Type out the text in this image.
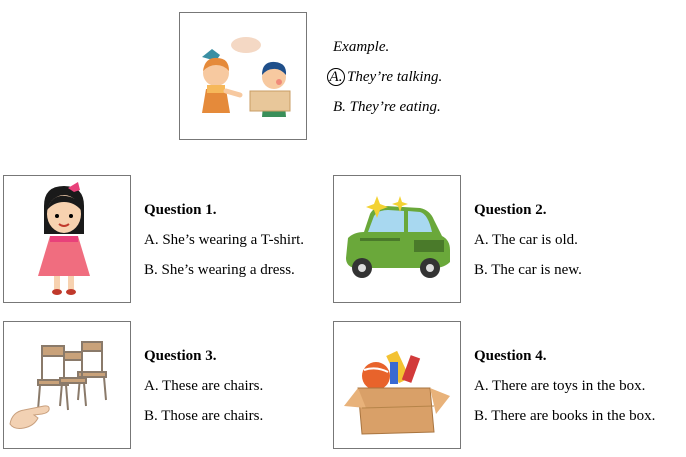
Example.
A. They’re talking.
B. They’re eating.
Question 1.
A. She’s wearing a T-shirt.
B. She’s wearing a dress.
Question 2.
A. The car is old.
B. The car is new.
Question 3.
A. These are chairs.
B. Those are chairs.
Question 4.
A. There are toys in the box.
B. There are books in the box.
